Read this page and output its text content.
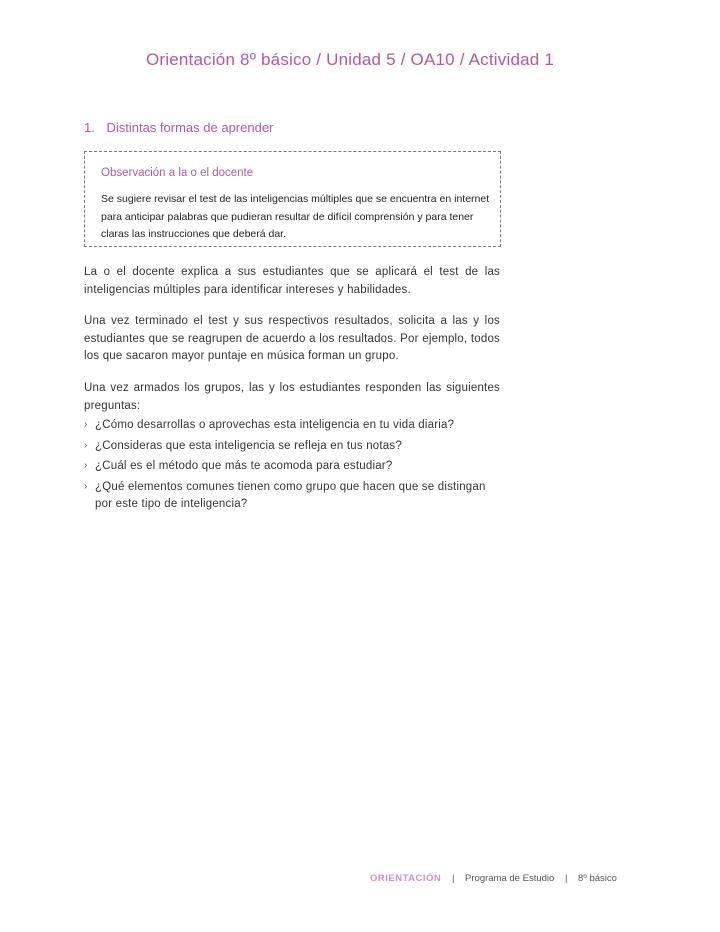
Orientación 8º básico / Unidad 5 / OA10 / Actividad 1
1. Distintas formas de aprender
Observación a la o el docente
Se sugiere revisar el test de las inteligencias múltiples que se encuentra en internet para anticipar palabras que pudieran resultar de difícil comprensión y para tener claras las instrucciones que deberá dar.
La o el docente explica a sus estudiantes que se aplicará el test de las inteligencias múltiples para identificar intereses y habilidades.
Una vez terminado el test y sus respectivos resultados, solicita a las y los estudiantes que se reagrupen de acuerdo a los resultados. Por ejemplo, todos los que sacaron mayor puntaje en música forman un grupo.
Una vez armados los grupos, las y los estudiantes responden las siguientes preguntas:
› ¿Cómo desarrollas o aprovechas esta inteligencia en tu vida diaria?
› ¿Consideras que esta inteligencia se refleja en tus notas?
› ¿Cuál es el método que más te acomoda para estudiar?
› ¿Qué elementos comunes tienen como grupo que hacen que se distingan por este tipo de inteligencia?
ORIENTACIÓN | Programa de Estudio | 8º básico
